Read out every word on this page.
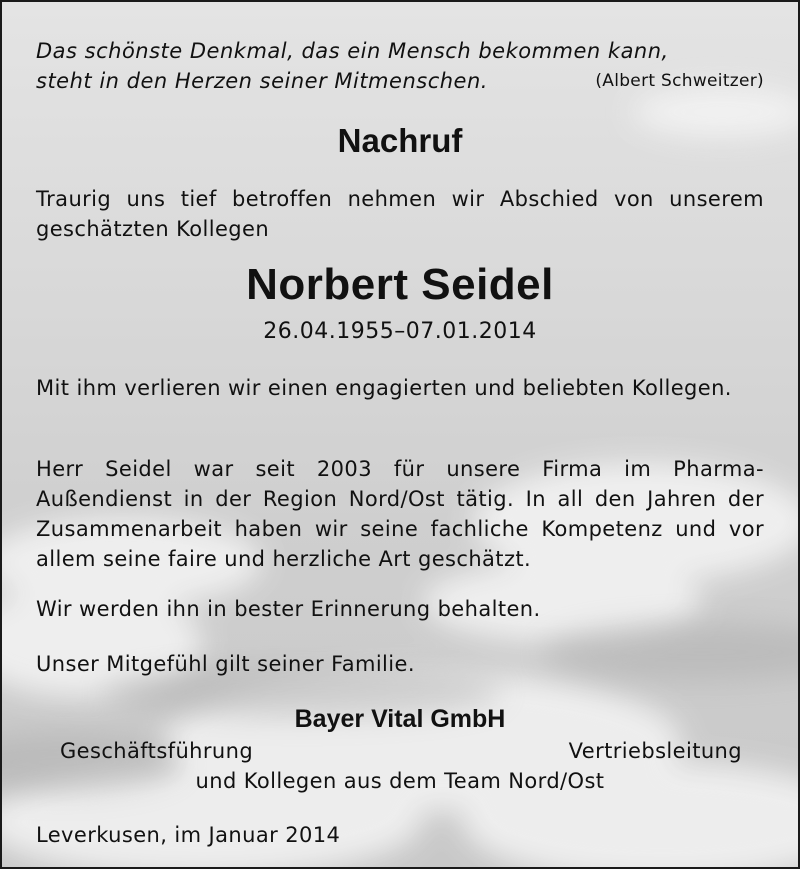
Das schönste Denkmal, das ein Mensch bekommen kann,
steht in den Herzen seiner Mitmenschen.	(Albert Schweitzer)
Nachruf

Traurig uns tief betroffen nehmen wir Abschied von unserem geschätzten Kollegen

Norbert Seidel
26.04.1955–07.01.2014

Mit ihm verlieren wir einen engagierten und beliebten Kollegen.

Herr Seidel war seit 2003 für unsere Firma im Pharma-Außendienst in der Region Nord/Ost tätig. In all den Jahren der Zusammenarbeit haben wir seine fachliche Kompetenz und vor allem seine faire und herzliche Art geschätzt.

Wir werden ihn in bester Erinnerung behalten.

Unser Mitgefühl gilt seiner Familie.

Bayer Vital GmbH
Geschäftsführung	Vertriebsleitung
und Kollegen aus dem Team Nord/Ost
Leverkusen, im Januar 2014
